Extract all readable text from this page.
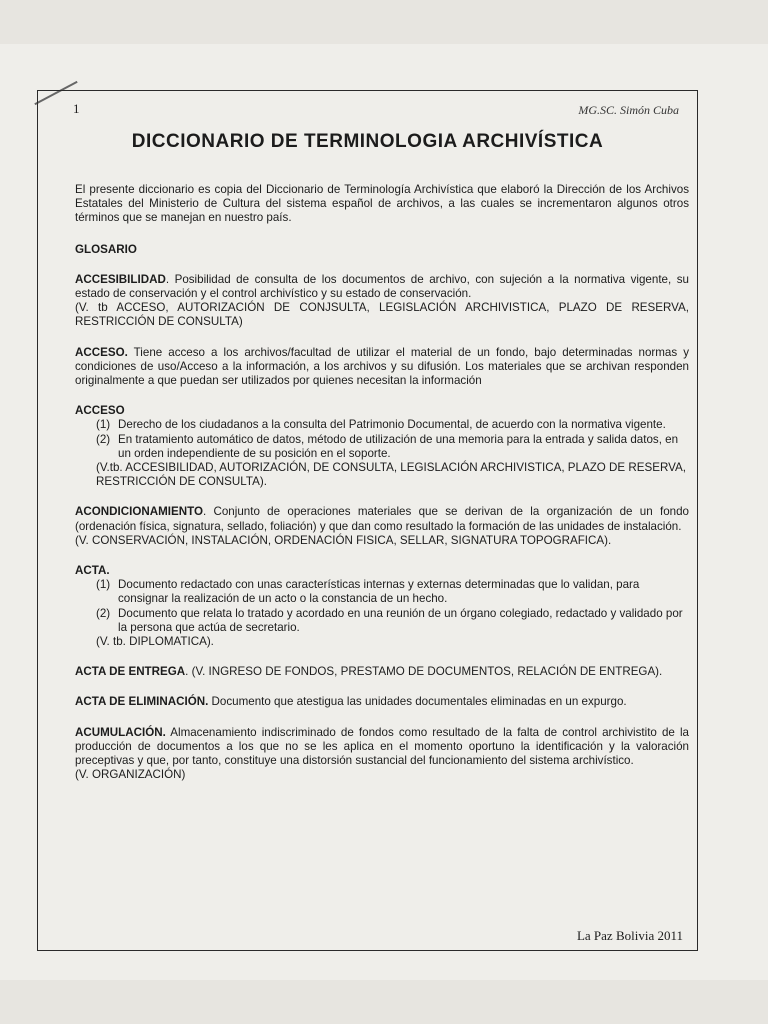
1	MG.SC. Simón Cuba
DICCIONARIO DE TERMINOLOGIA ARCHIVÍSTICA

El presente diccionario es copia del Diccionario de Terminología Archivística que elaboró la Dirección de los Archivos Estatales del Ministerio de Cultura del sistema español de archivos, a las cuales se incrementaron algunos otros términos que se manejan en nuestro país.

GLOSARIO

ACCESIBILIDAD. Posibilidad de consulta de los documentos de archivo, con sujeción a la normativa vigente, su estado de conservación y el control archivístico y su estado de conservación.

(V. tb ACCESO, AUTORIZACIÓN DE CONJSULTA, LEGISLACIÓN ARCHIVISTICA, PLAZO DE RESERVA, RESTRICCIÓN DE CONSULTA)

ACCESO. Tiene acceso a los archivos/facultad de utilizar el material de un fondo, bajo determinadas normas y condiciones de uso/Acceso a la información, a los archivos y su difusión. Los materiales que se archivan responden originalmente a que puedan ser utilizados por quienes necesitan la información

ACCESO

(1) Derecho de los ciudadanos a la consulta del Patrimonio Documental, de acuerdo con la normativa vigente.
(2) En tratamiento automático de datos, método de utilización de una memoria para la entrada y salida datos, en un orden independiente de su posición en el soporte.
(V.tb. ACCESIBILIDAD, AUTORIZACIÓN, DE CONSULTA, LEGISLACIÓN ARCHIVISTICA, PLAZO DE RESERVA, RESTRICCIÓN DE CONSULTA).

ACONDICIONAMIENTO. Conjunto de operaciones materiales que se derivan de la organización de un fondo (ordenación física, signatura, sellado, foliación) y que dan como resultado la formación de las unidades de instalación.

(V. CONSERVACIÓN, INSTALACIÓN, ORDENACIÓN FISICA, SELLAR, SIGNATURA TOPOGRAFICA).

ACTA.

(1) Documento redactado con unas características internas y externas determinadas que lo validan, para consignar la realización de un acto o la constancia de un hecho.
(2) Documento que relata lo tratado y acordado en una reunión de un órgano colegiado, redactado y validado por la persona que actúa de secretario.
(V. tb. DIPLOMATICA).

ACTA DE ENTREGA. (V. INGRESO DE FONDOS, PRESTAMO DE DOCUMENTOS, RELACIÓN DE ENTREGA).

ACTA DE ELIMINACIÓN. Documento que atestigua las unidades documentales eliminadas en un expurgo.

ACUMULACIÓN. Almacenamiento indiscriminado de fondos como resultado de la falta de control archivistito de la producción de documentos a los que no se les aplica en el momento oportuno la identificación y la valoración preceptivas y que, por tanto, constituye una distorsión sustancial del funcionamiento del sistema archivístico.

(V. ORGANIZACIÓN)

La Paz Bolivia 2011
